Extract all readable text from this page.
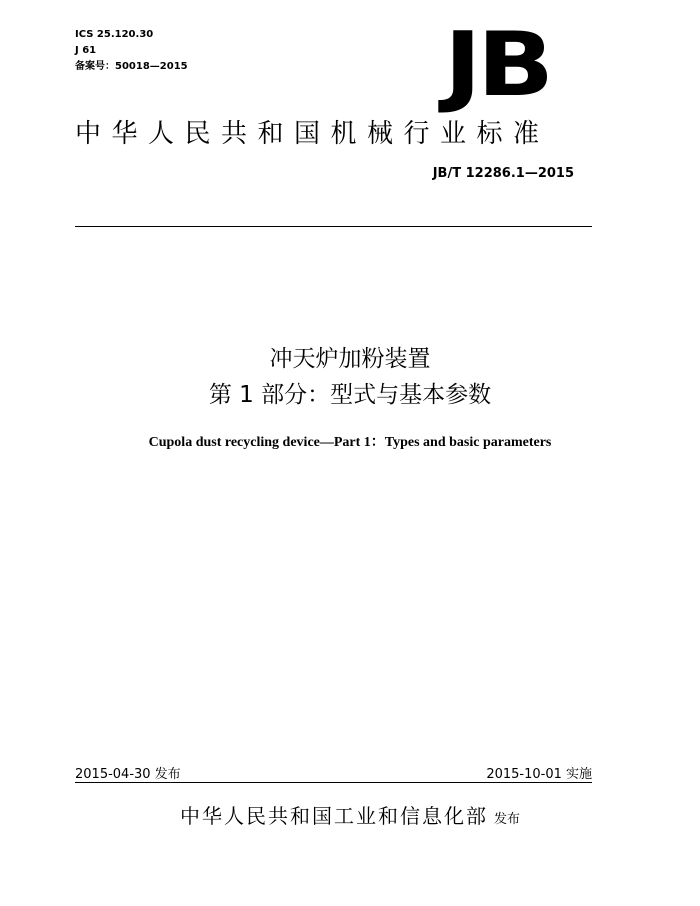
ICS 25.120.30
J 61
备案号：50018—2015	JB
中华人民共和国机械行业标准
JB/T 12286.1—2015
冲天炉加粉装置
第 1 部分：型式与基本参数
Cupola dust recycling device—Part 1：Types and basic parameters
2015-04-30 发布	2015-10-01 实施
中华人民共和国工业和信息化部 发布
